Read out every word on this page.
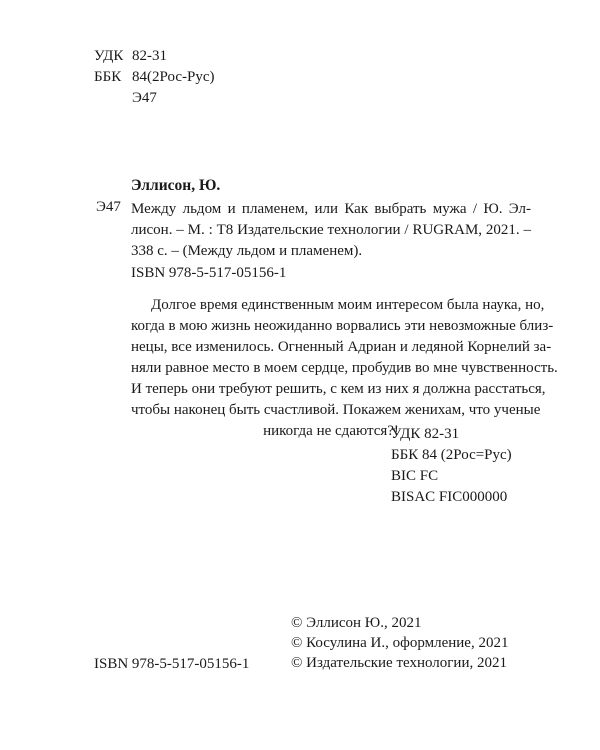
УДК 82-31
ББК 84(2Рос-Рус)
Э47
Эллисон, Ю.
Э47 Между льдом и пламенем, или Как выбрать мужа / Ю. Эл-
лисон. – М. : T8 Издательские технологии / RUGRAM, 2021. –
338 с. – (Между льдом и пламенем).
ISBN 978-5-517-05156-1
Долгое время единственным моим интересом была наука, но,
когда в мою жизнь неожиданно ворвались эти невозможные близ-
нецы, все изменилось. Огненный Адриан и ледяной Корнелий за-
няли равное место в моем сердце, пробудив во мне чувственность.
И теперь они требуют решить, с кем из них я должна расстаться,
чтобы наконец быть счастливой. Покажем женихам, что ученые
никогда не сдаются?!
УДК 82-31
ББК 84 (2Рос=Рус)
BIC FC
BISAC FIC000000
© Эллисон Ю., 2021
© Косулина И., оформление, 2021
© Издательские технологии, 2021
ISBN 978-5-517-05156-1
